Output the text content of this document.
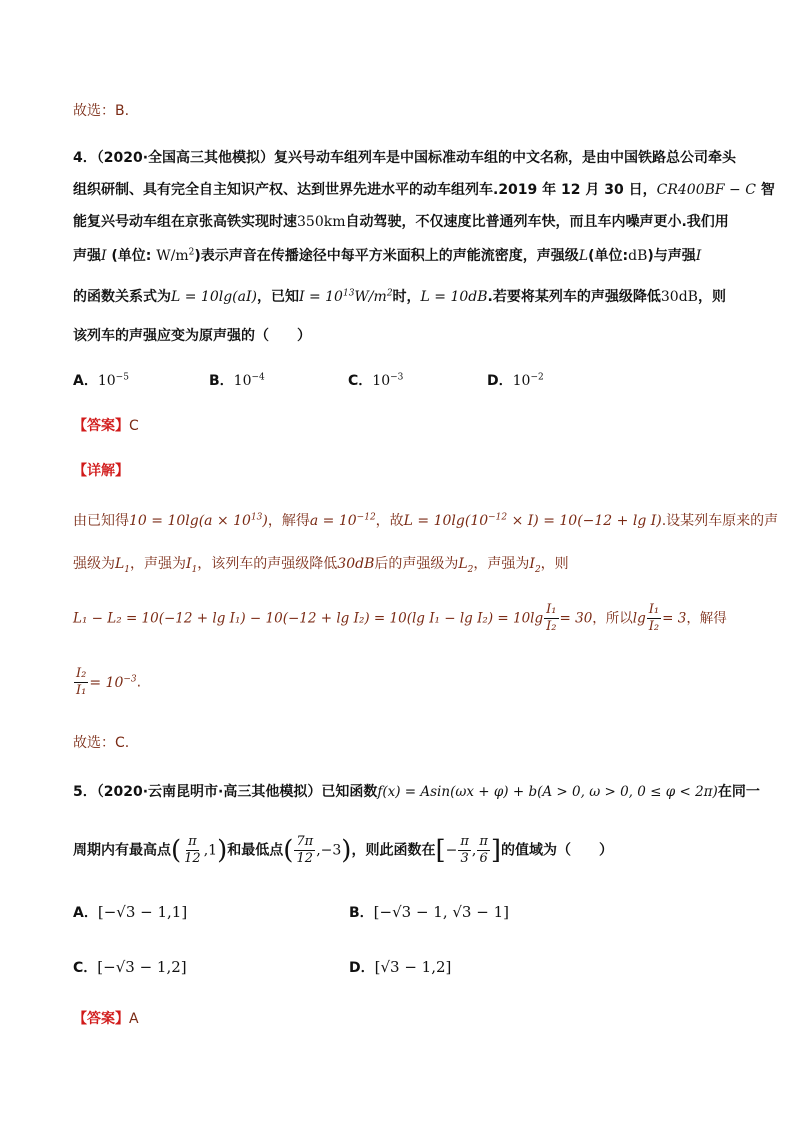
故选：B.
4．（2020·全国高三其他模拟）复兴号动车组列车是中国标准动车组的中文名称，是由中国铁路总公司牵头
组织研制、具有完全自主知识产权、达到世界先进水平的动车组列车.2019 年 12 月 30 日，CR400BF − C 智
能复兴号动车组在京张高铁实现时速350km自动驾驶，不仅速度比普通列车快，而且车内噪声更小.我们用
声强I (单位: $W/m^2$)表示声音在传播途径中每平方米面积上的声能流密度，声强级L(单位:dB)与声强I
的函数关系式为L = 10lg(aI)，已知$I = 10^{13}W/m^2$时，L = 10dB.若要将某列车的声强级降低30dB，则
该列车的声强应变为原声强的（　　）
A．$10^{-5}$	B．$10^{-4}$	C．$10^{-3}$	D．$10^{-2}$
【答案】C
【详解】
由已知得$10 = 10\lg(a \times 10^{13})$，解得$a = 10^{-12}$，故$L = 10\lg(10^{-12} \times I) = 10(-12 + \lg I)$.设某列车原来的声
强级为$L_1$，声强为$I_1$，该列车的声强级降低30dB后的声强级为$L_2$，声强为$I_2$，则
L₁ − L₂ = 10(−12 + lg I₁) − 10(−12 + lg I₂) = 10(lg $I_1 - \lg I_2) = 10\lg \frac{\text{I₁}}{\text{I₂}} = 30$，所以$\lg \frac{\text{I₁}}{\text{I₂}} = 3$，解得
$\frac{\text{I₂}}{\text{I₁}} = 10^{-3}$.
故选：C.
5．（2020·云南昆明市·高三其他模拟）已知函数f(x) = Asin(ωx + φ) + b(A > 0, ω > 0, 0 ≤ φ < 2π)在同一
周期内有最高点( $\frac{\pi}{12} ,1$)和最低点( $\frac{7\pi}{12} ,-3$)，则此函数在[− $\frac{\pi}{3}$ , $\frac{\pi}{6}$ ]的值域为（　　）
A．[−√3 − 1,1]	B．[−√3 − 1, √3 − 1]
C．[−√3 − 1,2]	D．[√3 − 1,2]
【答案】A
